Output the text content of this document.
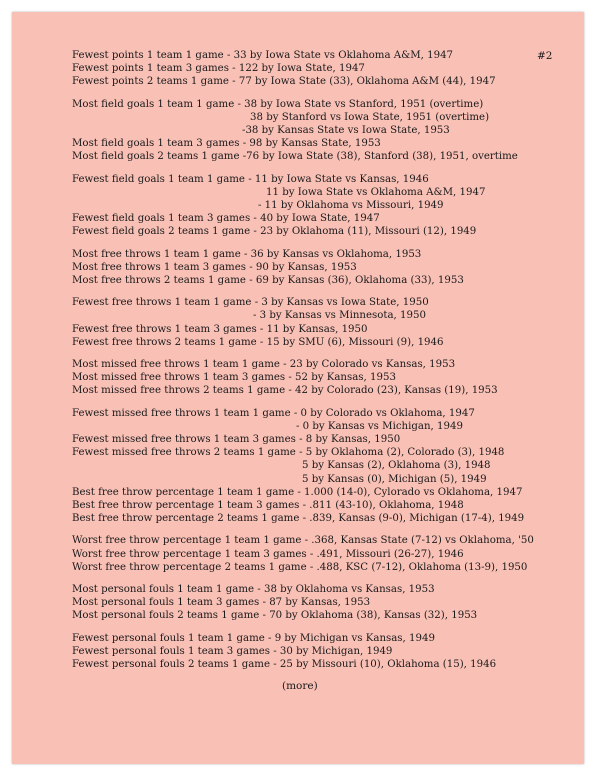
#2
Fewest points 1 team 1 game - 33 by Iowa State vs Oklahoma A&M, 1947
Fewest points 1 team 3 games - 122 by Iowa State, 1947
Fewest points 2 teams 1 game - 77 by Iowa State (33), Oklahoma A&M (44), 1947
Most field goals 1 team 1 game - 38 by Iowa State vs Stanford, 1951 (overtime)
38 by Stanford vs Iowa State, 1951 (overtime)
-38 by Kansas State vs Iowa State, 1953
Most field goals 1 team 3 games - 98 by Kansas State, 1953
Most field goals 2 teams 1 game -76 by Iowa State (38), Stanford (38), 1951, overtime
Fewest field goals 1 team 1 game - 11 by Iowa State vs Kansas, 1946
11 by Iowa State vs Oklahoma A&M, 1947
- 11 by Oklahoma vs Missouri, 1949
Fewest field goals 1 team 3 games - 40 by Iowa State, 1947
Fewest field goals 2 teams 1 game - 23 by Oklahoma (11), Missouri (12), 1949
Most free throws 1 team 1 game - 36 by Kansas vs Oklahoma, 1953
Most free throws 1 team 3 games - 90 by Kansas, 1953
Most free throws 2 teams 1 game - 69 by Kansas (36), Oklahoma (33), 1953
Fewest free throws 1 team 1 game - 3 by Kansas vs Iowa State, 1950
- 3 by Kansas vs Minnesota, 1950
Fewest free throws 1 team 3 games - 11 by Kansas, 1950
Fewest free throws 2 teams 1 game - 15 by SMU (6), Missouri (9), 1946
Most missed free throws 1 team 1 game - 23 by Colorado vs Kansas, 1953
Most missed free throws 1 team 3 games - 52 by Kansas, 1953
Most missed free throws 2 teams 1 game - 42 by Colorado (23), Kansas (19), 1953
Fewest missed free throws 1 team 1 game - 0 by Colorado vs Oklahoma, 1947
- 0 by Kansas vs Michigan, 1949
Fewest missed free throws 1 team 3 games - 8 by Kansas, 1950
Fewest missed free throws 2 teams 1 game - 5 by Oklahoma (2), Colorado (3), 1948
5 by Kansas (2), Oklahoma (3), 1948
5 by Kansas (0), Michigan (5), 1949
Best free throw percentage 1 team 1 game - 1.000 (14-0), Cylorado vs Oklahoma, 1947
Best free throw percentage 1 team 3 games - .811 (43-10), Oklahoma, 1948
Best free throw percentage 2 teams 1 game - .839, Kansas (9-0), Michigan (17-4), 1949
Worst free throw percentage 1 team 1 game - .368, Kansas State (7-12) vs Oklahoma, '50
Worst free throw percentage 1 team 3 games - .491, Missouri (26-27), 1946
Worst free throw percentage 2 teams 1 game - .488, KSC (7-12), Oklahoma (13-9), 1950
Most personal fouls 1 team 1 game - 38 by Oklahoma vs Kansas, 1953
Most personal fouls 1 team 3 games - 87 by Kansas, 1953
Most personal fouls 2 teams 1 game - 70 by Oklahoma (38), Kansas (32), 1953
Fewest personal fouls 1 team 1 game - 9 by Michigan vs Kansas, 1949
Fewest personal fouls 1 team 3 games - 30 by Michigan, 1949
Fewest personal fouls 2 teams 1 game - 25 by Missouri (10), Oklahoma (15), 1946
(more)
